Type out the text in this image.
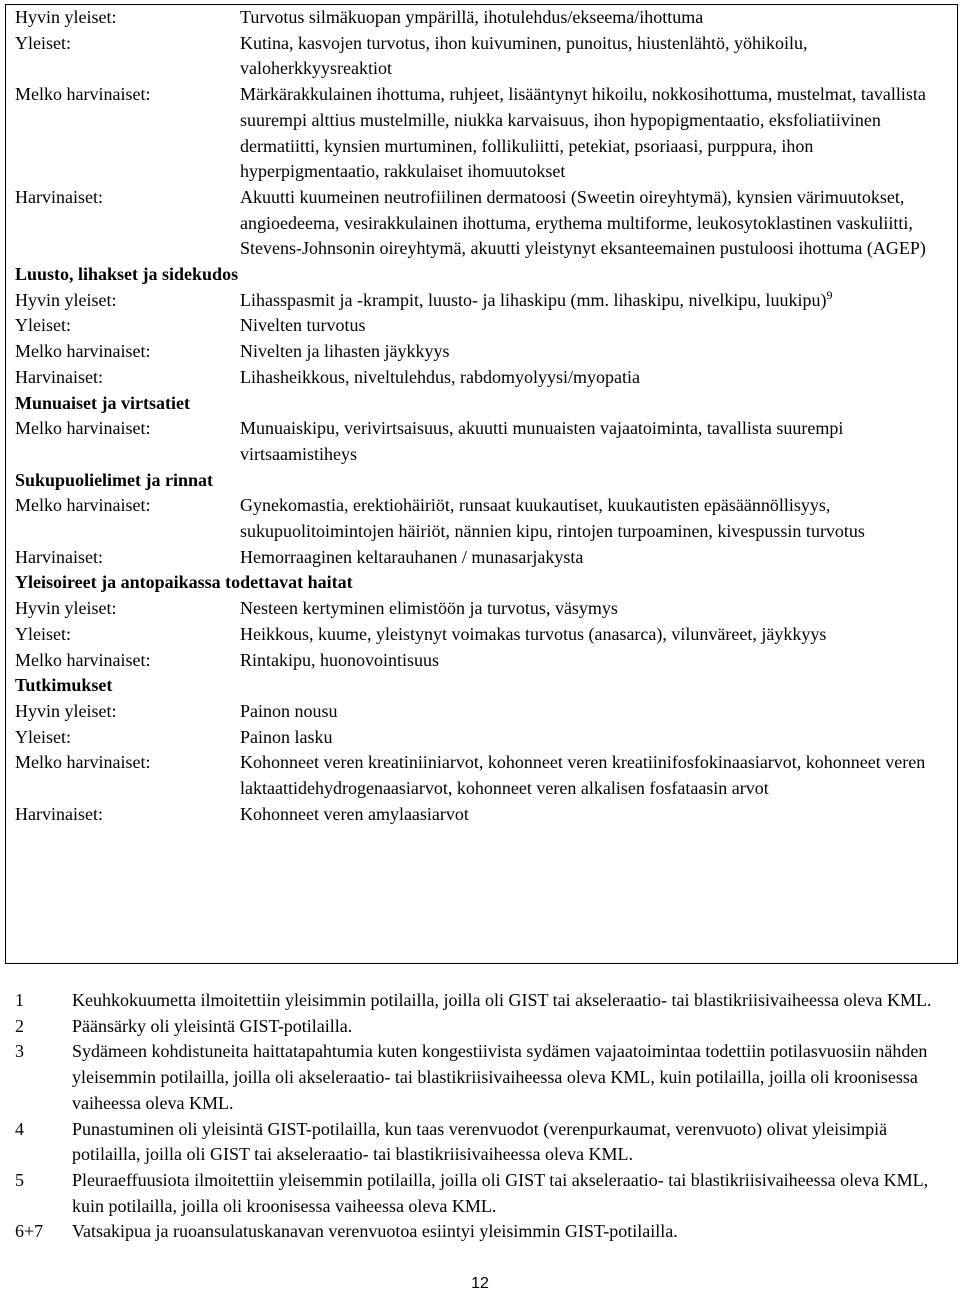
Hyvin yleiset:	Turvotus silmäkuopan ympärillä, ihotulehdus/ekseema/ihottuma
Yleiset:	Kutina, kasvojen turvotus, ihon kuivuminen, punoitus, hiustenlähtö, yöhikoilu, valoherkkyysreaktiot
Melko harvinaiset:	Märkärakkulainen ihottuma, ruhjeet, lisääntynyt hikoilu, nokkosihottuma, mustelmat, tavallista suurempi alttius mustelmille, niukka karvaisuus, ihon hypopigmentaatio, eksfoliatiivinen dermatiitti, kynsien murtuminen, follikuliitti, petekiat, psoriaasi, purppura, ihon hyperpigmentaatio, rakkulaiset ihomuutokset
Harvinaiset:	Akuutti kuumeinen neutrofiilinen dermatoosi (Sweetin oireyhtymä), kynsien värimuutokset, angioedeema, vesirakkulainen ihottuma, erythema multiforme, leukosytoklastinen vaskuliitti, Stevens-Johnsonin oireyhtymä, akuutti yleistynyt eksanteemainen pustuloosi ihottuma (AGEP)
Luusto, lihakset ja sidekudos
Hyvin yleiset:	Lihasspasmit ja -krampit, luusto- ja lihaskipu (mm. lihaskipu, nivelkipu, luukipu)$^9$
Yleiset:	Nivelten turvotus
Melko harvinaiset:	Nivelten ja lihasten jäykkyys
Harvinaiset:	Lihasheikkous, niveltulehdus, rabdomyolyysi/myopatia
Munuaiset ja virtsatiet
Melko harvinaiset:	Munuaiskipu, verivirtsaisuus, akuutti munuaisten vajaatoiminta, tavallista suurempi virtsaamistiheys
Sukupuolielimet ja rinnat
Melko harvinaiset:	Gynekomastia, erektiohäiriöt, runsaat kuukautiset, kuukautisten epäsäännöllisyys, sukupuolitoimintojen häiriöt, nännien kipu, rintojen turpoaminen, kivespussin turvotus
Harvinaiset:	Hemorraaginen keltarauhanen / munasarjakysta
Yleisoireet ja antopaikassa todettavat haitat
Hyvin yleiset:	Nesteen kertyminen elimistöön ja turvotus, väsymys
Yleiset:	Heikkous, kuume, yleistynyt voimakas turvotus (anasarca), vilunväreet, jäykkyys
Melko harvinaiset:	Rintakipu, huonovointisuus
Tutkimukset
Hyvin yleiset:	Painon nousu
Yleiset:	Painon lasku
Melko harvinaiset:	Kohonneet veren kreatiniiniarvot, kohonneet veren kreatiinifosfokinaasiarvot, kohonneet veren laktaattidehydrogenaasiarvot, kohonneet veren alkalisen fosfataasin arvot
Harvinaiset:	Kohonneet veren amylaasiarvot
1	Keuhkokuumetta ilmoitettiin yleisimmin potilailla, joilla oli GIST tai akseleraatio- tai blastikriisivaiheessa oleva KML.
2	Päänsärky oli yleisintä GIST-potilailla.
3	Sydämeen kohdistuneita haittatapahtumia kuten kongestiivista sydämen vajaatoimintaa todettiin potilasvuosiin nähden yleisemmin potilailla, joilla oli akseleraatio- tai blastikriisivaiheessa oleva KML, kuin potilailla, joilla oli kroonisessa vaiheessa oleva KML.
4	Punastuminen oli yleisintä GIST-potilailla, kun taas verenvuodot (verenpurkaumat, verenvuoto) olivat yleisimpiä potilailla, joilla oli GIST tai akseleraatio- tai blastikriisivaiheessa oleva KML.
5	Pleuraeffuusiota ilmoitettiin yleisemmin potilailla, joilla oli GIST tai akseleraatio- tai blastikriisivaiheessa oleva KML, kuin potilailla, joilla oli kroonisessa vaiheessa oleva KML.
6+7	Vatsakipua ja ruoansulatuskanavan verenvuotoa esiintyi yleisimmin GIST-potilailla.
12
